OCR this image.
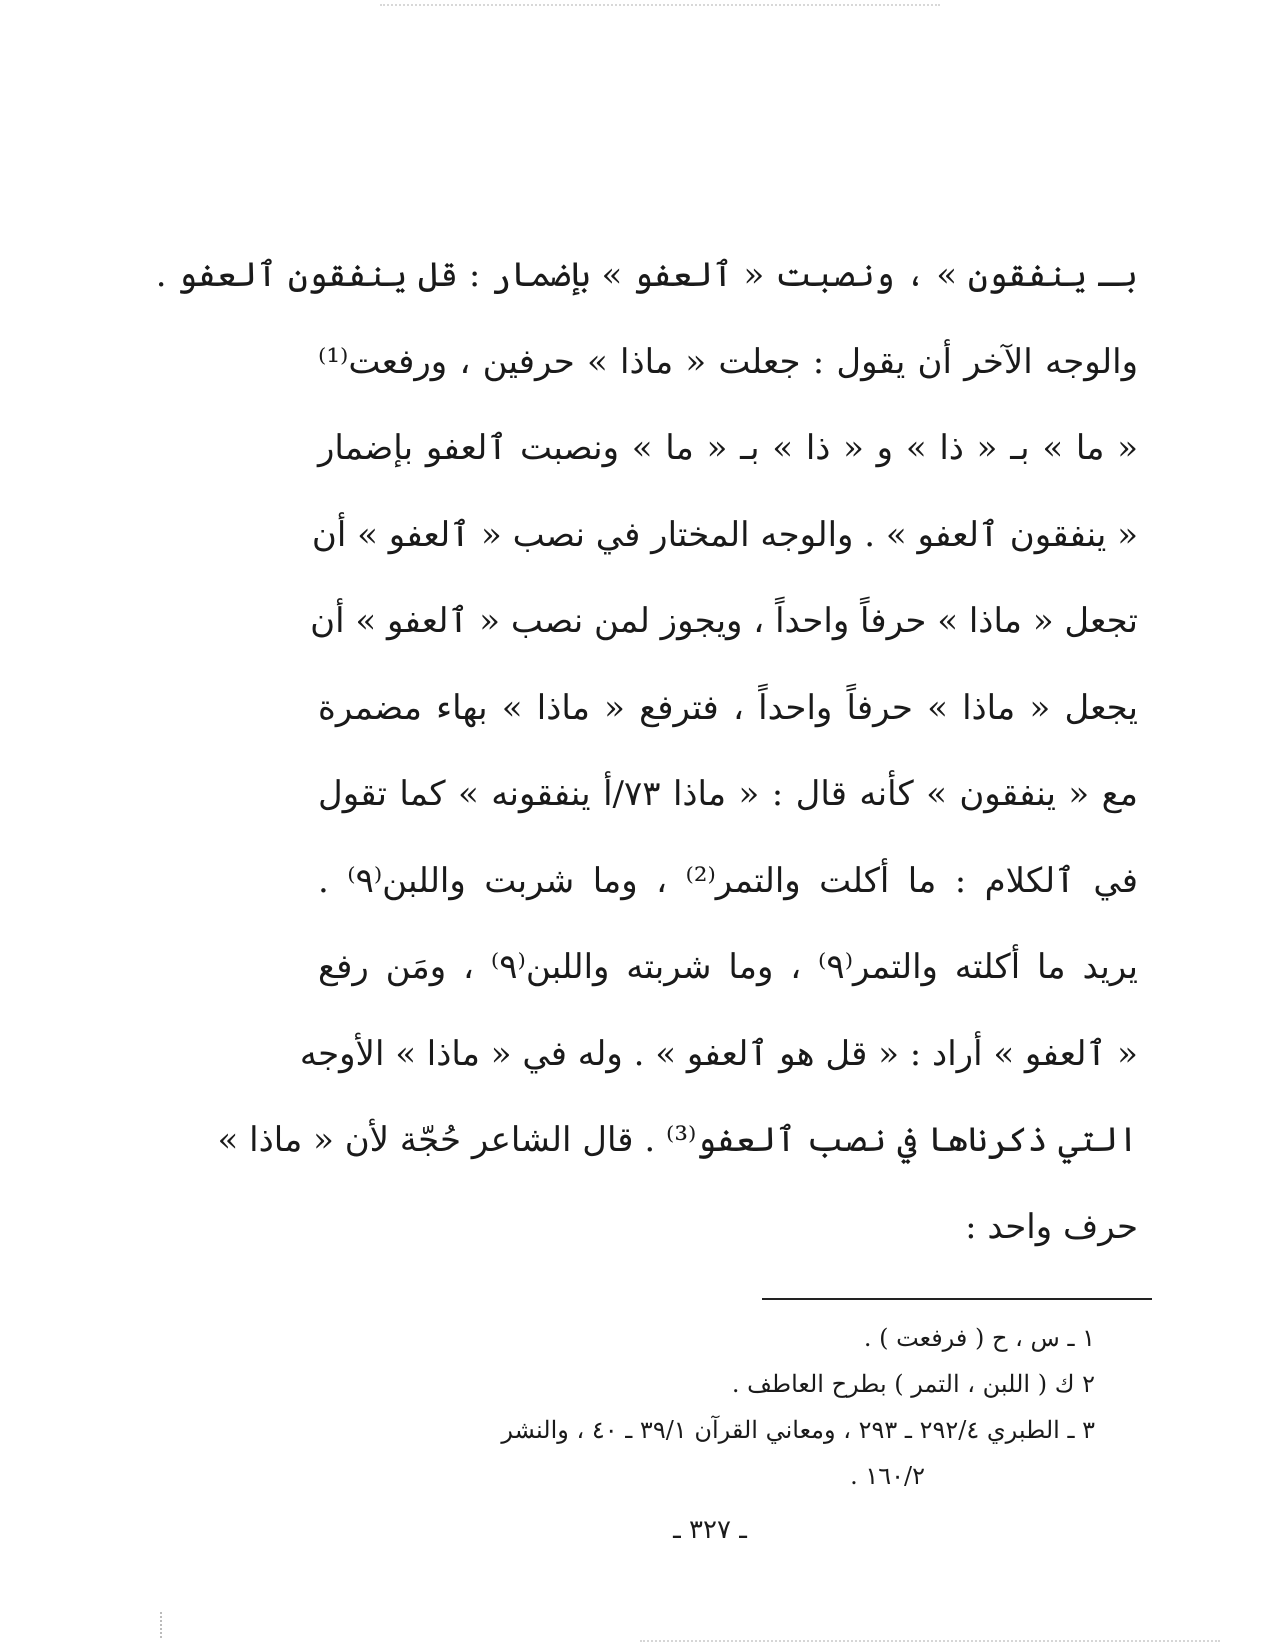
بـ ينفقون » ، ونصبت « ٱلعفو » بإضمار : قل ينفقون ٱلعفو .
والوجه الآخر أن يقول : جعلت « ماذا » حرفين ، ورفعت⁽¹⁾
« ما » بـ « ذا » و « ذا » بـ « ما » ونصبت ٱلعفو بإضمار
« ينفقون ٱلعفو » . والوجه المختار في نصب « ٱلعفو » أن
تجعل « ماذا » حرفاً واحداً ، ويجوز لمن نصب « ٱلعفو » أن
يجعل « ماذا » حرفاً واحداً ، فترفع « ماذا » بهاء مضمرة
مع « ينفقون » كأنه قال : « ماذا ٧٣/أ ينفقونه » كما تقول
في ٱلكلام : ما أكلت والتمر⁽²⁾ ، وما شربت واللبن⁽٩⁾ .
يريد ما أكلته والتمر⁽٩⁾ ، وما شربته واللبن⁽٩⁾ ، ومَن رفع
« ٱلعفو » أراد : « قل هو ٱلعفو » . وله في « ماذا » الأوجه
التي ذكرناها في نصب ٱلعفو⁽³⁾ . قال الشاعر حُجّة لأن « ماذا »
حرف واحد :
١ ـ س ، ح ( فرفعت ) .
٢ ك ( اللبن ، التمر ) بطرح العاطف .
٣ ـ الطبري ٢٩٢/٤ ـ ٢٩٣ ، ومعاني القرآن ٣٩/١ ـ ٤٠ ، والنشر
١٦٠/٢ .
ـ ٣٢٧ ـ
